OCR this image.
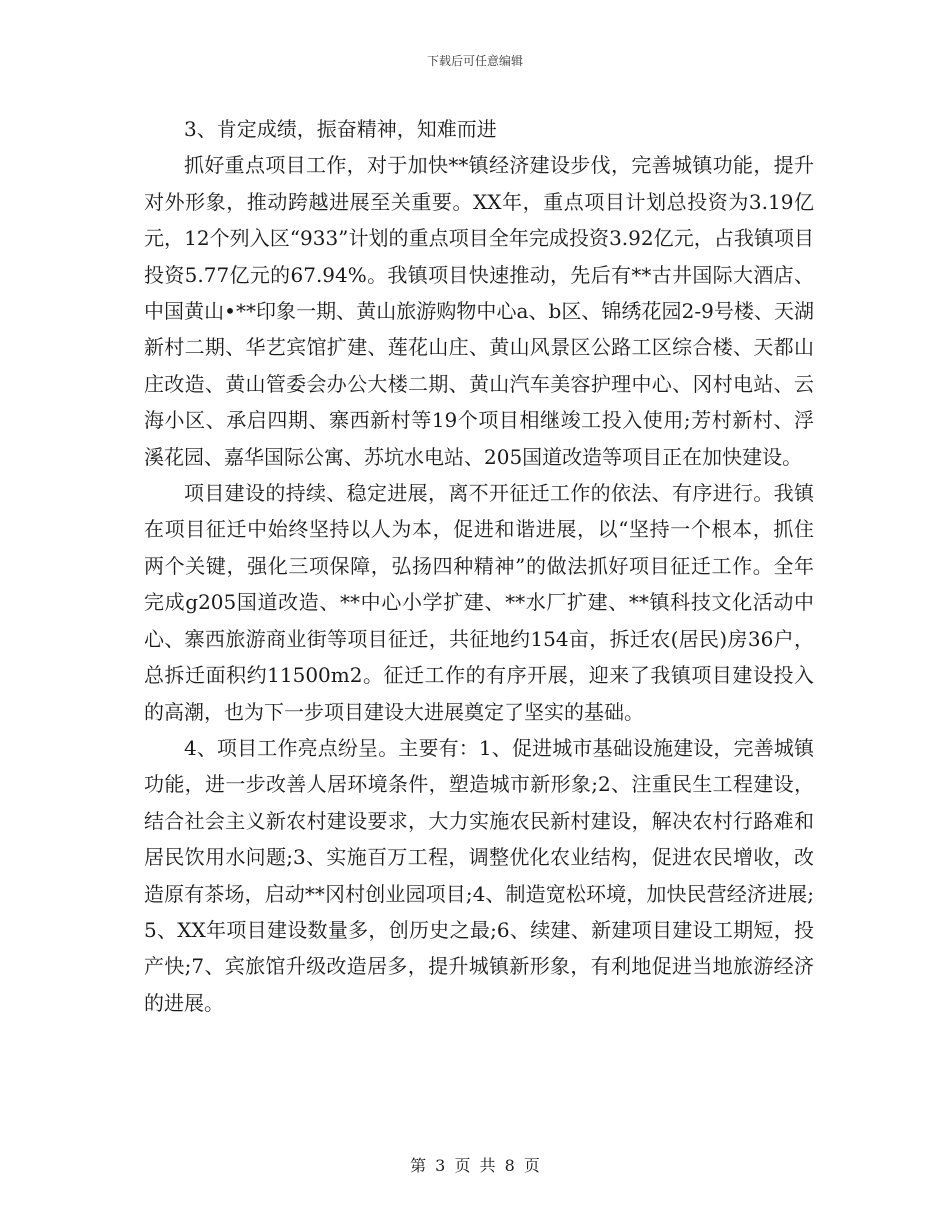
下载后可任意编辑

3、肯定成绩，振奋精神，知难而进

抓好重点项目工作，对于加快**镇经济建设步伐，完善城镇功能，提升对外形象，推动跨越进展至关重要。XX年，重点项目计划总投资为3.19亿元，12个列入区“933”计划的重点项目全年完成投资3.92亿元，占我镇项目投资5.77亿元的67.94%。我镇项目快速推动，先后有**古井国际大酒店、中国黄山•**印象一期、黄山旅游购物中心a、b区、锦绣花园2-9号楼、天湖新村二期、华艺宾馆扩建、莲花山庄、黄山风景区公路工区综合楼、天都山庄改造、黄山管委会办公大楼二期、黄山汽车美容护理中心、冈村电站、云海小区、承启四期、寨西新村等19个项目相继竣工投入使用;芳村新村、浮溪花园、嘉华国际公寓、苏坑水电站、205国道改造等项目正在加快建设。

项目建设的持续、稳定进展，离不开征迁工作的依法、有序进行。我镇在项目征迁中始终坚持以人为本，促进和谐进展，以“坚持一个根本，抓住两个关键，强化三项保障，弘扬四种精神”的做法抓好项目征迁工作。全年完成g205国道改造、**中心小学扩建、**水厂扩建、**镇科技文化活动中心、寨西旅游商业街等项目征迁，共征地约154亩，拆迁农(居民)房36户，总拆迁面积约11500m2。征迁工作的有序开展，迎来了我镇项目建设投入的高潮，也为下一步项目建设大进展奠定了坚实的基础。

4、项目工作亮点纷呈。主要有：1、促进城市基础设施建设，完善城镇功能，进一步改善人居环境条件，塑造城市新形象;2、注重民生工程建设，结合社会主义新农村建设要求，大力实施农民新村建设，解决农村行路难和居民饮用水问题;3、实施百万工程，调整优化农业结构，促进农民增收，改造原有茶场，启动**冈村创业园项目;4、制造宽松环境，加快民营经济进展;5、XX年项目建设数量多，创历史之最;6、续建、新建项目建设工期短，投产快;7、宾旅馆升级改造居多，提升城镇新形象，有利地促进当地旅游经济的进展。

第 3 页 共 8 页
